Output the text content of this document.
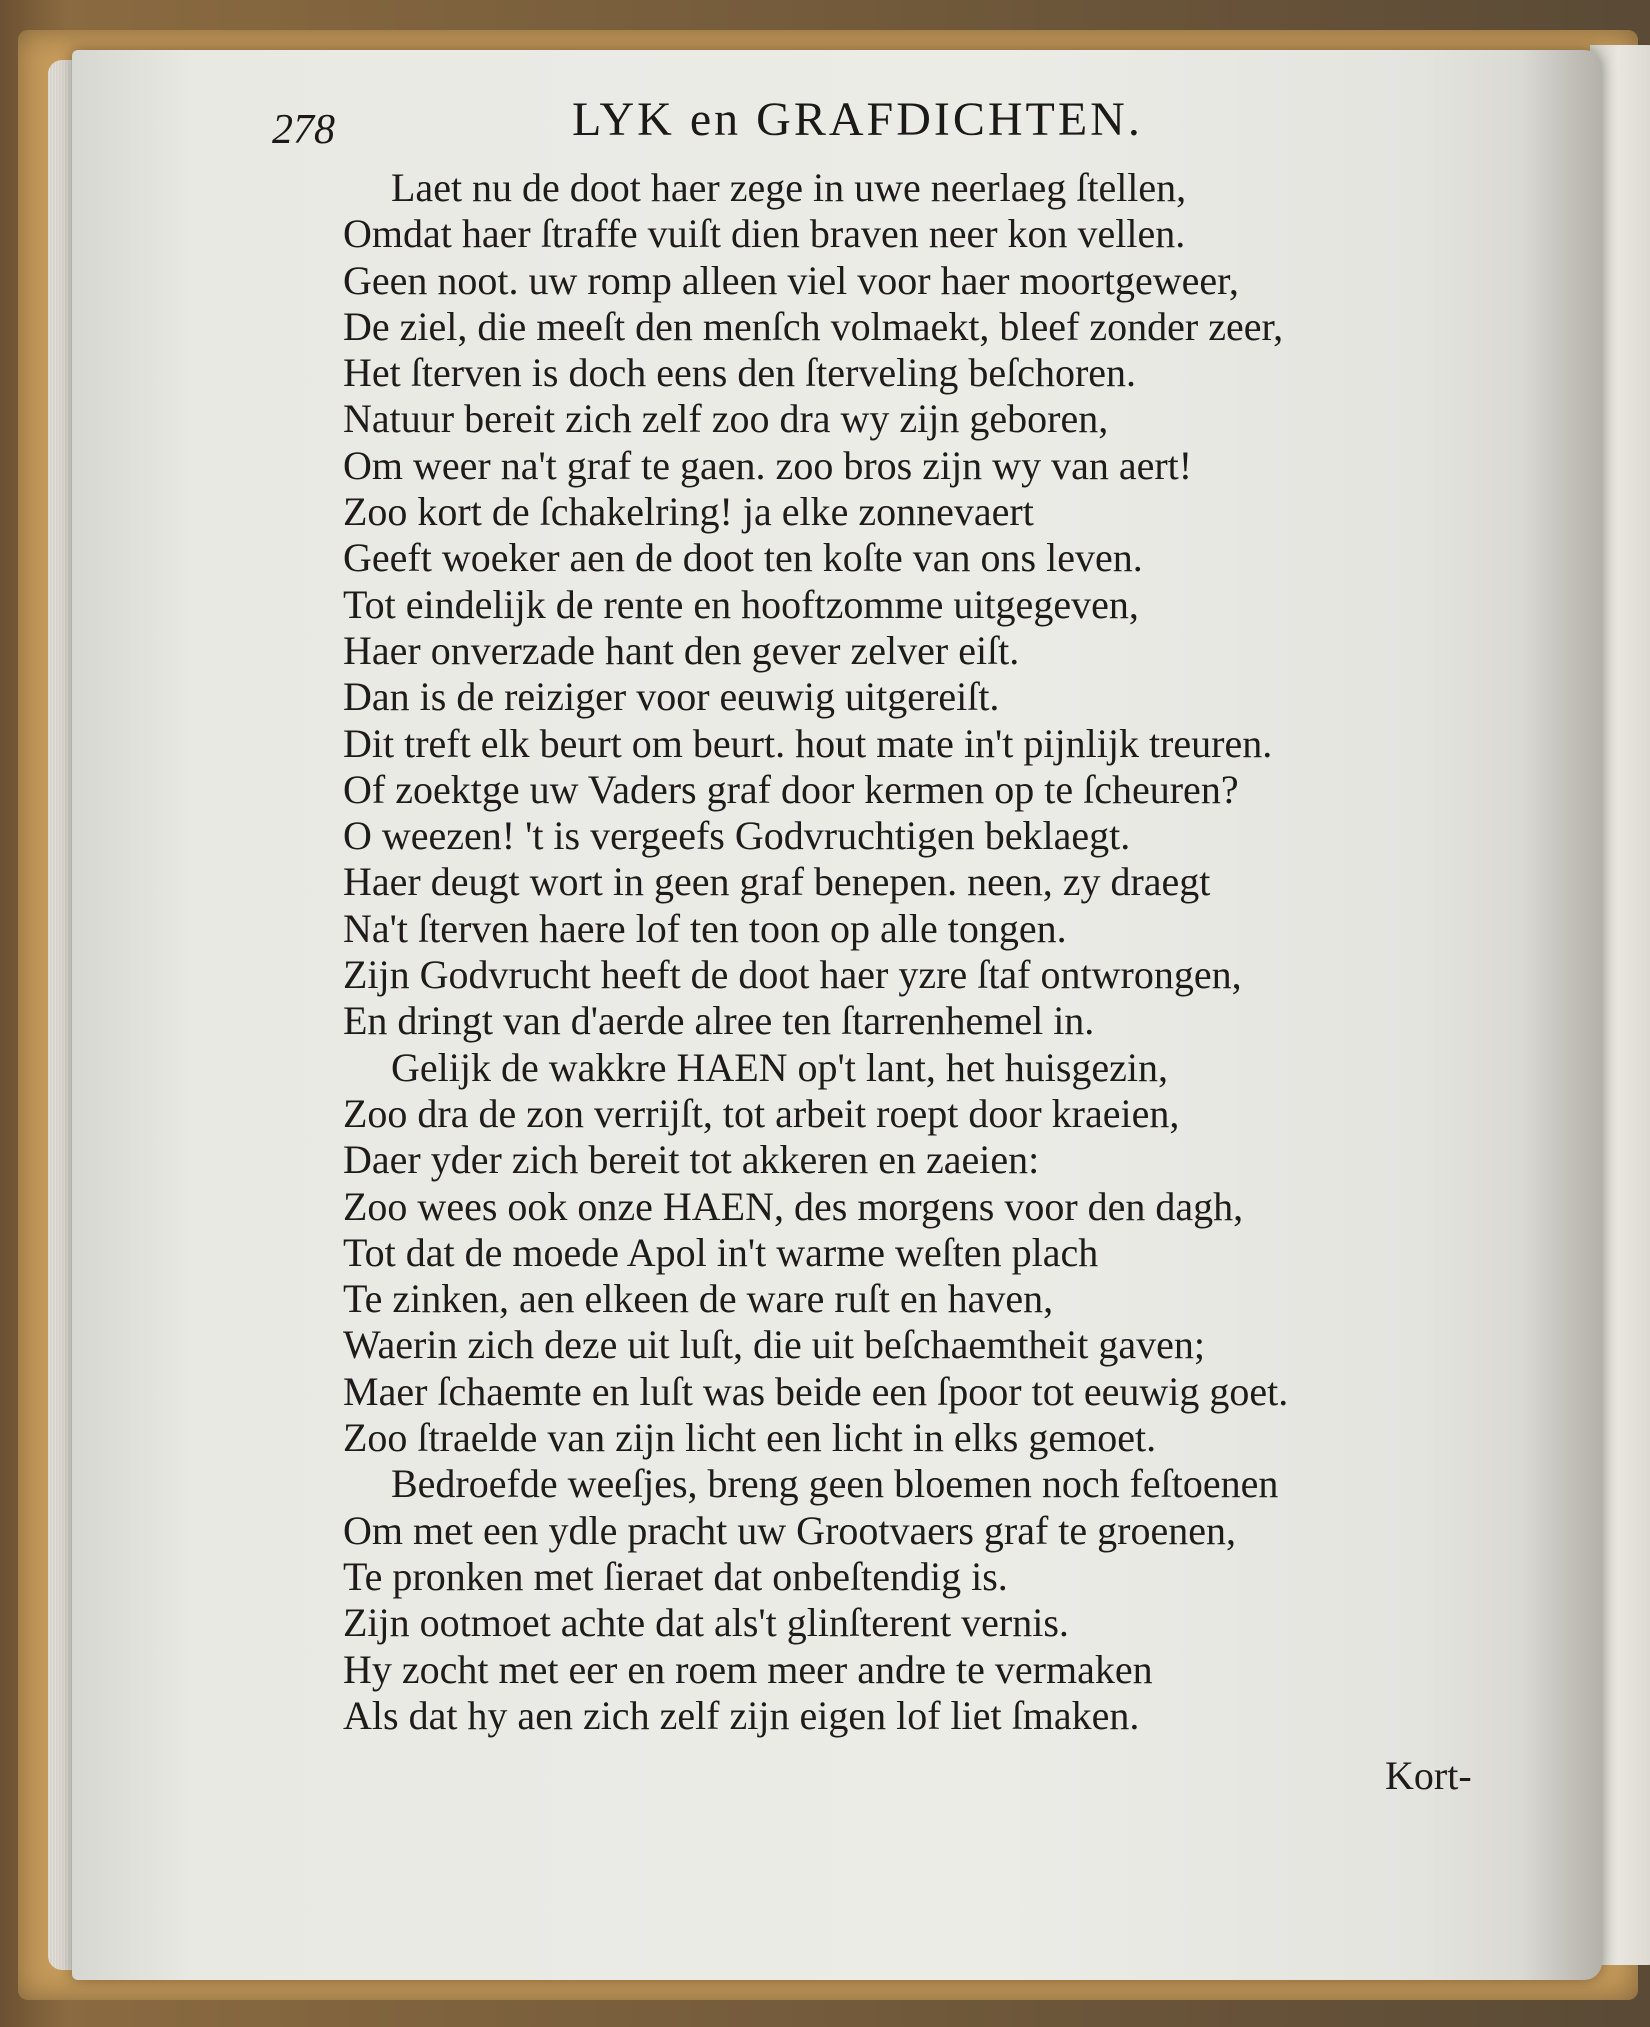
278	LYK en GRAFDICHTEN.
Laet nu de doot haer zege in uwe neerlaeg ſtellen,
Omdat haer ſtraffe vuiſt dien braven neer kon vellen.
Geen noot. uw romp alleen viel voor haer moortgeweer,
De ziel, die meeſt den menſch volmaekt, bleef zonder zeer,
Het ſterven is doch eens den ſterveling beſchoren.
Natuur bereit zich zelf zoo dra wy zijn geboren,
Om weer na't graf te gaen. zoo bros zijn wy van aert!
Zoo kort de ſchakelring! ja elke zonnevaert
Geeft woeker aen de doot ten koſte van ons leven.
Tot eindelijk de rente en hooftzomme uitgegeven,
Haer onverzade hant den gever zelver eiſt.
Dan is de reiziger voor eeuwig uitgereiſt.
Dit treft elk beurt om beurt. hout mate in't pijnlijk treuren.
Of zoektge uw Vaders graf door kermen op te ſcheuren?
O weezen! 't is vergeefs Godvruchtigen beklaegt.
Haer deugt wort in geen graf benepen. neen, zy draegt
Na't ſterven haere lof ten toon op alle tongen.
Zijn Godvrucht heeft de doot haer yzre ſtaf ontwrongen,
En dringt van d'aerde alree ten ſtarrenhemel in.
Gelijk de wakkre HAEN op't lant, het huisgezin,
Zoo dra de zon verrijſt, tot arbeit roept door kraeien,
Daer yder zich bereit tot akkeren en zaeien:
Zoo wees ook onze HAEN, des morgens voor den dagh,
Tot dat de moede Apol in't warme weſten plach
Te zinken, aen elkeen de ware ruſt en haven,
Waerin zich deze uit luſt, die uit beſchaemtheit gaven;
Maer ſchaemte en luſt was beide een ſpoor tot eeuwig goet.
Zoo ſtraelde van zijn licht een licht in elks gemoet.
Bedroefde weeſjes, breng geen bloemen noch feſtoenen
Om met een ydle pracht uw Grootvaers graf te groenen,
Te pronken met ſieraet dat onbeſtendig is.
Zijn ootmoet achte dat als't glinſterent vernis.
Hy zocht met eer en roem meer andre te vermaken
Als dat hy aen zich zelf zijn eigen lof liet ſmaken.
Kort-
